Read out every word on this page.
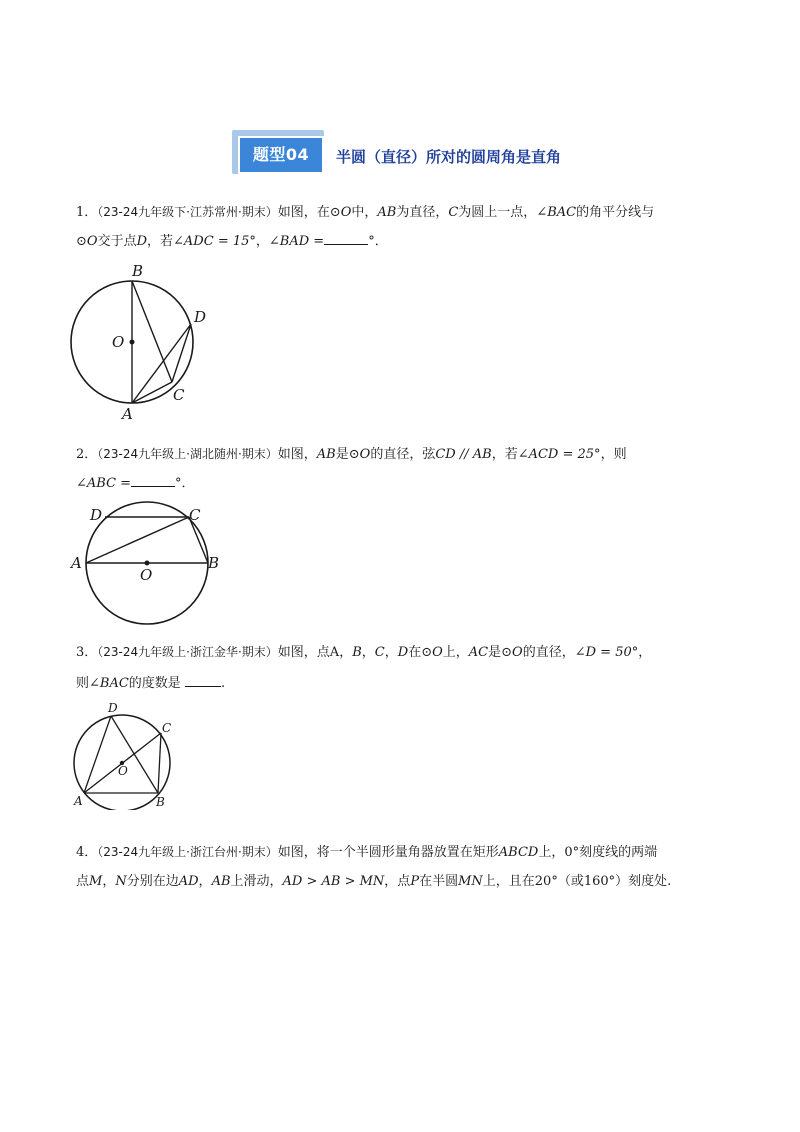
题型04	半圆（直径）所对的圆周角是直角
1．（23-24九年级下·江苏常州·期末）如图，在⊙O中，AB为直径，C为圆上一点，∠BAC的角平分线与
⊙O交于点D，若∠ADC = 15°，∠BAD =	°．
B
D
O
A
C
2．（23-24九年级上·湖北随州·期末）如图，AB是⊙O的直径，弦CD // AB，若∠ACD = 25°，则
∠ABC =	°．
D	C
A
O
B
3．（23-24九年级上·浙江金华·期末）如图，点A，B，C，D在⊙O上，AC是⊙O的直径，∠D = 50°，
则∠BAC的度数是	.
D
C
O
A	B
4．（23-24九年级上·浙江台州·期末）如图，将一个半圆形量角器放置在矩形ABCD上，0°刻度线的两端
点M，N分别在边AD，AB上滑动，AD > AB > MN，点P在半圆MN上，且在20°（或160°）刻度处.
